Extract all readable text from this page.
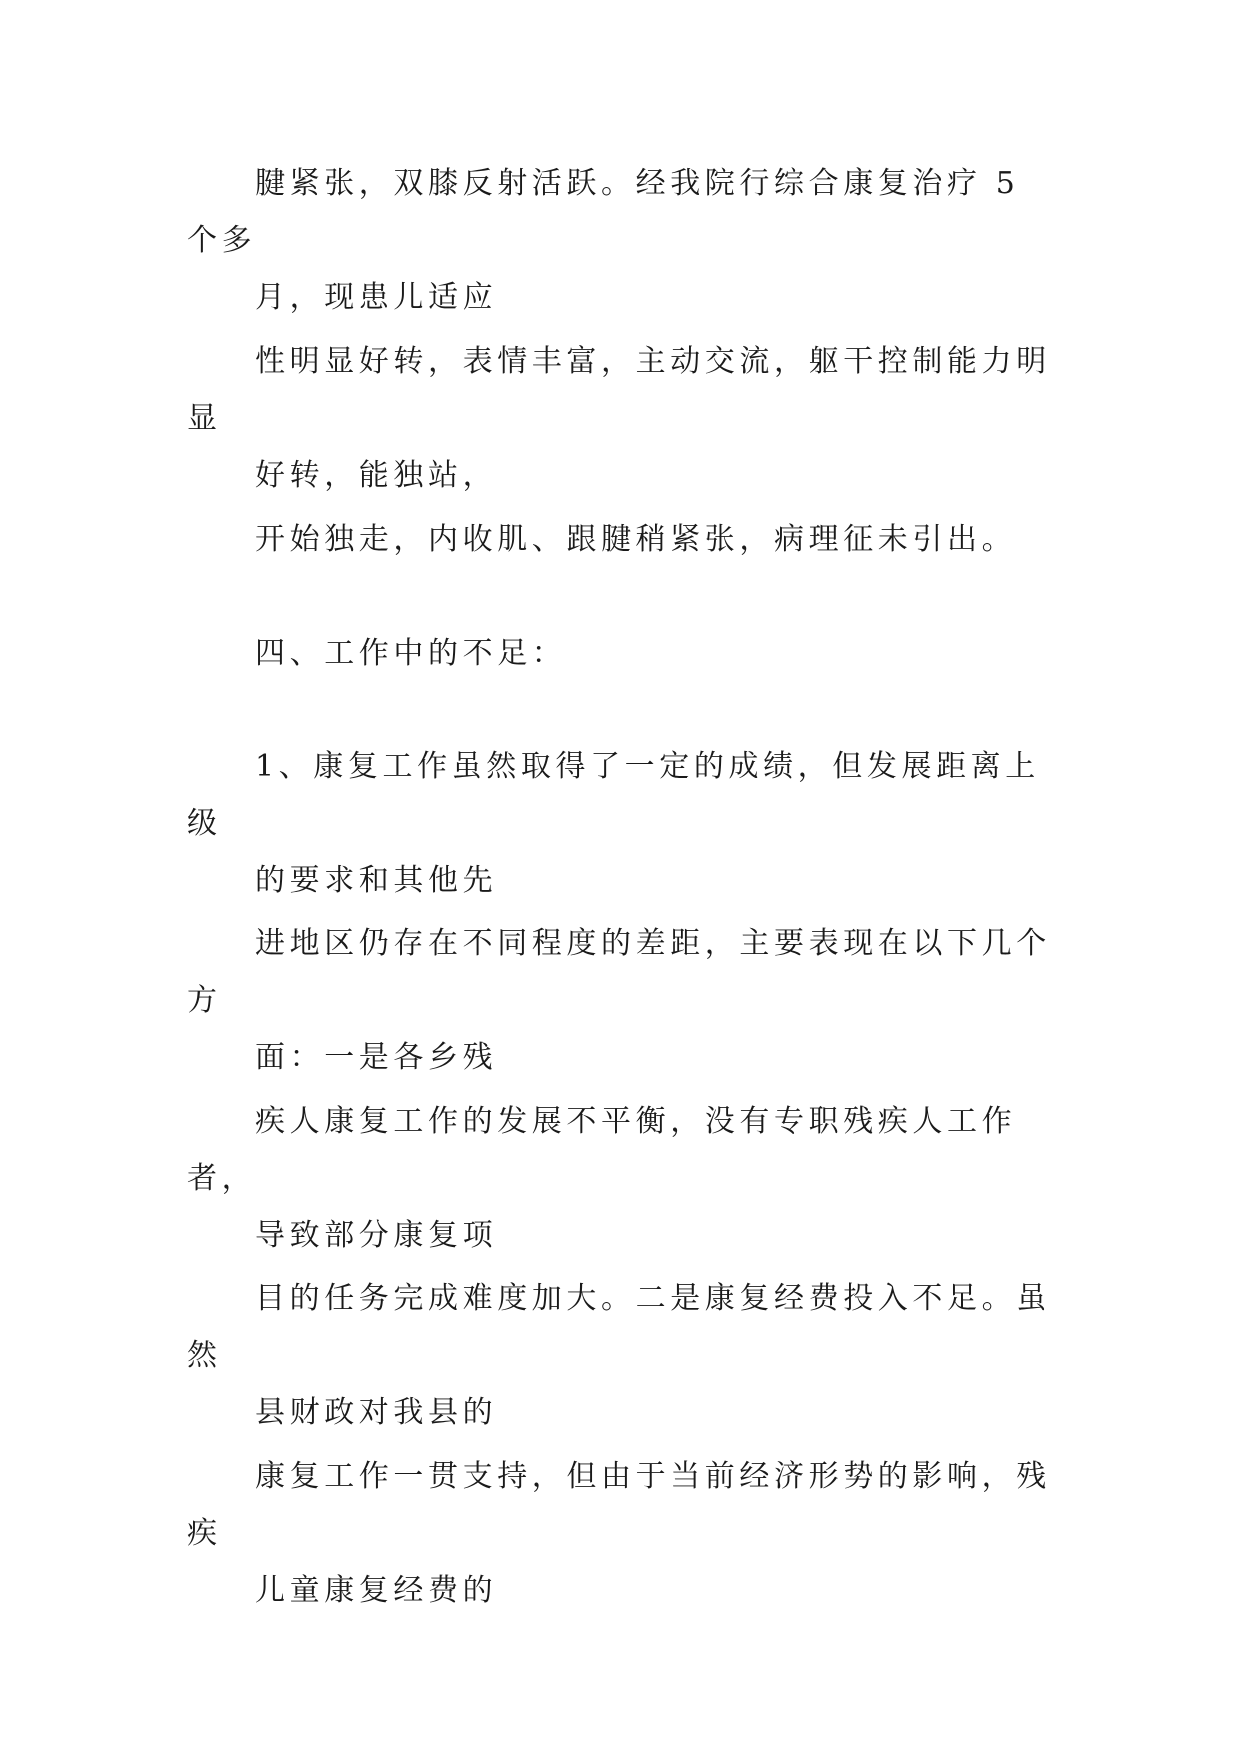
腱紧张，双膝反射活跃。经我院行综合康复治疗 5 个多
月，现患儿适应

性明显好转，表情丰富，主动交流，躯干控制能力明显
好转，能独站，

开始独走，内收肌、跟腱稍紧张，病理征未引出。

四、工作中的不足：

1、康复工作虽然取得了一定的成绩，但发展距离上级
的要求和其他先

进地区仍存在不同程度的差距，主要表现在以下几个方
面：一是各乡残

疾人康复工作的发展不平衡，没有专职残疾人工作者，
导致部分康复项

目的任务完成难度加大。二是康复经费投入不足。虽然
县财政对我县的

康复工作一贯支持，但由于当前经济形势的影响，残疾
儿童康复经费的
